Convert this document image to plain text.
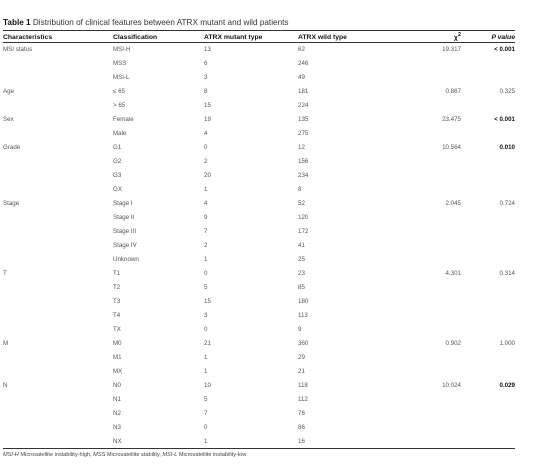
Table 1 Distribution of clinical features between ATRX mutant and wild patients
Characteristics	Classification	ATRX mutant type	ATRX wild type	$\chi^2$	P value
MSI status	MSI-H	13	62	19.317	< 0.001
	MSS	6	246		
	MSI-L	3	49		
Age	≤ 65	8	181	0.867	0.325
	> 65	15	224		
Sex	Female	19	135	23.475	< 0.001
	Male	4	275		
Grade	G1	0	12	10.564	0.010
	G2	2	156		
	G3	20	234		
	GX	1	8		
Stage	Stage I	4	52	2.045	0.724
	Stage II	9	120		
	Stage III	7	172		
	Stage IV	2	41		
	Unknown	1	25		
T	T1	0	23	4.301	0.314
	T2	5	85		
	T3	15	180		
	T4	3	113		
	TX	0	9		
M	M0	21	360	0.902	1.000
	M1	1	29		
	MX	1	21		
N	N0	10	118	10.024	0.029
	N1	5	112		
	N2	7	76		
	N3	0	86		
	NX	1	16		
MSI-H Microsatellite instability-high, MSS Microsatellite stability, MSI-L Microsatellite instability-low
